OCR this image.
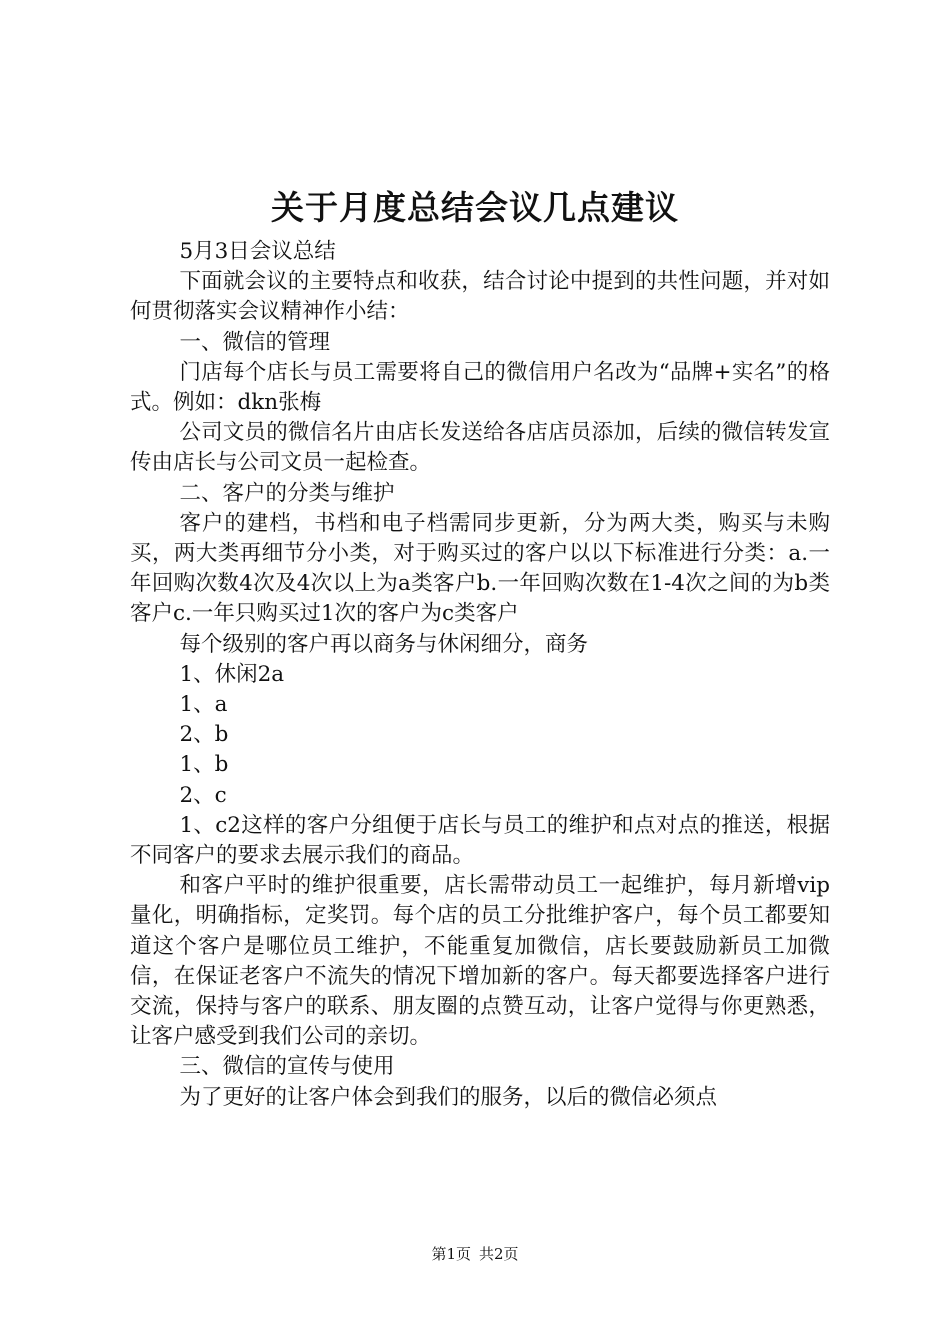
关于月度总结会议几点建议

5月3日会议总结

下面就会议的主要特点和收获，结合讨论中提到的共性问题，并对如何贯彻落实会议精神作小结：

一、微信的管理

门店每个店长与员工需要将自己的微信用户名改为“品牌+实名”的格式。例如：dkn张梅

公司文员的微信名片由店长发送给各店店员添加，后续的微信转发宣传由店长与公司文员一起检查。

二、客户的分类与维护

客户的建档，书档和电子档需同步更新，分为两大类，购买与未购买，两大类再细节分小类，对于购买过的客户以以下标准进行分类：a.一年回购次数4次及4次以上为a类客户b.一年回购次数在1-4次之间的为b类客户c.一年只购买过1次的客户为c类客户

每个级别的客户再以商务与休闲细分，商务

1、休闲2a

1、a

2、b

1、b

2、c

1、c2这样的客户分组便于店长与员工的维护和点对点的推送，根据不同客户的要求去展示我们的商品。

和客户平时的维护很重要，店长需带动员工一起维护，每月新增vip量化，明确指标，定奖罚。每个店的员工分批维护客户，每个员工都要知道这个客户是哪位员工维护，不能重复加微信，店长要鼓励新员工加微信，在保证老客户不流失的情况下增加新的客户。每天都要选择客户进行交流，保持与客户的联系、朋友圈的点赞互动，让客户觉得与你更熟悉，让客户感受到我们公司的亲切。

三、微信的宣传与使用

为了更好的让客户体会到我们的服务，以后的微信必须点

第1页 共2页
